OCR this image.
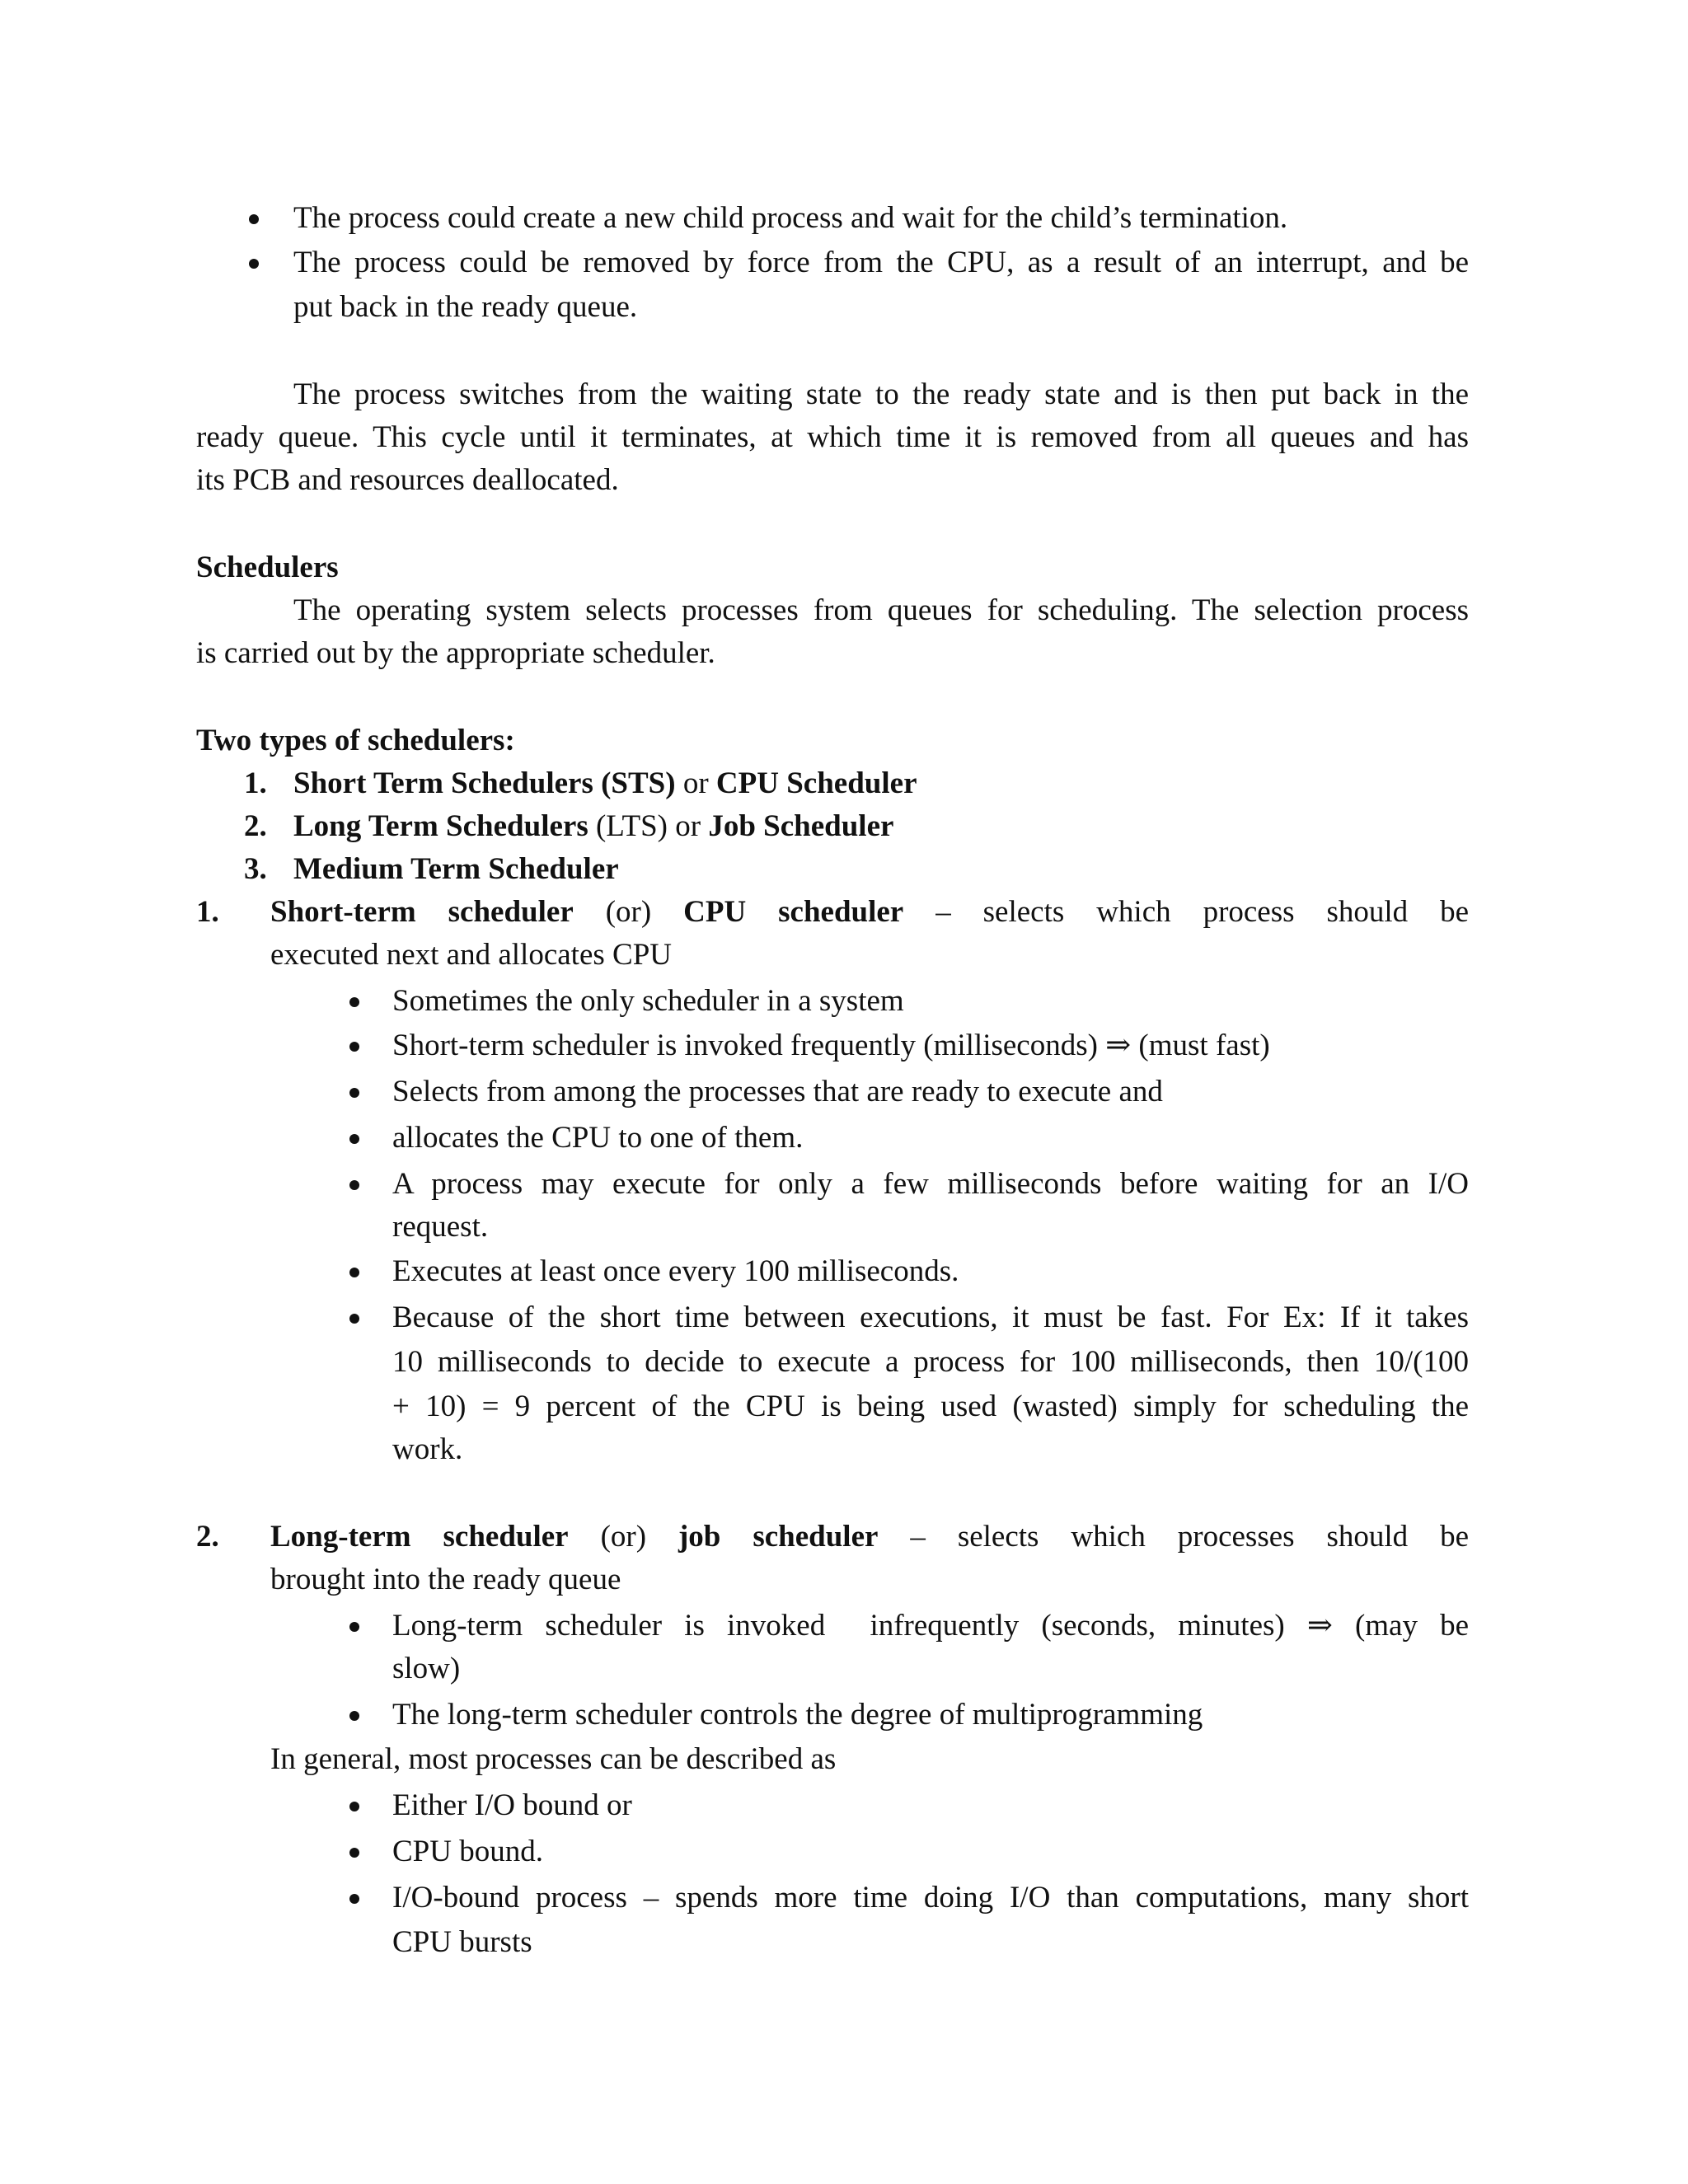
The process could create a new child process and wait for the child’s termination.
The process could be removed by force from the CPU, as a result of an interrupt, and be
put back in the ready queue.
The process switches from the waiting state to the ready state and is then put back in the
ready queue. This cycle until it terminates, at which time it is removed from all queues and has
its PCB and resources deallocated.
Schedulers
The operating system selects processes from queues for scheduling. The selection process
is carried out by the appropriate scheduler.
Two types of schedulers:
1. Short Term Schedulers (STS) or CPU Scheduler
2. Long Term Schedulers (LTS) or Job Scheduler
3. Medium Term Scheduler
1. Short-term scheduler (or) CPU scheduler – selects which process should be
executed next and allocates CPU
Sometimes the only scheduler in a system
Short-term scheduler is invoked frequently (milliseconds) ⇒ (must fast)
Selects from among the processes that are ready to execute and
allocates the CPU to one of them.
A process may execute for only a few milliseconds before waiting for an I/O
request.
Executes at least once every 100 milliseconds.
Because of the short time between executions, it must be fast. For Ex: If it takes
10 milliseconds to decide to execute a process for 100 milliseconds, then 10/(100
+ 10) = 9 percent of the CPU is being used (wasted) simply for scheduling the
work.
2. Long-term scheduler (or) job scheduler – selects which processes should be
brought into the ready queue
Long-term scheduler is invoked  infrequently (seconds, minutes) ⇒ (may be
slow)
The long-term scheduler controls the degree of multiprogramming
In general, most processes can be described as
Either I/O bound or
CPU bound.
I/O-bound process – spends more time doing I/O than computations, many short
CPU bursts
